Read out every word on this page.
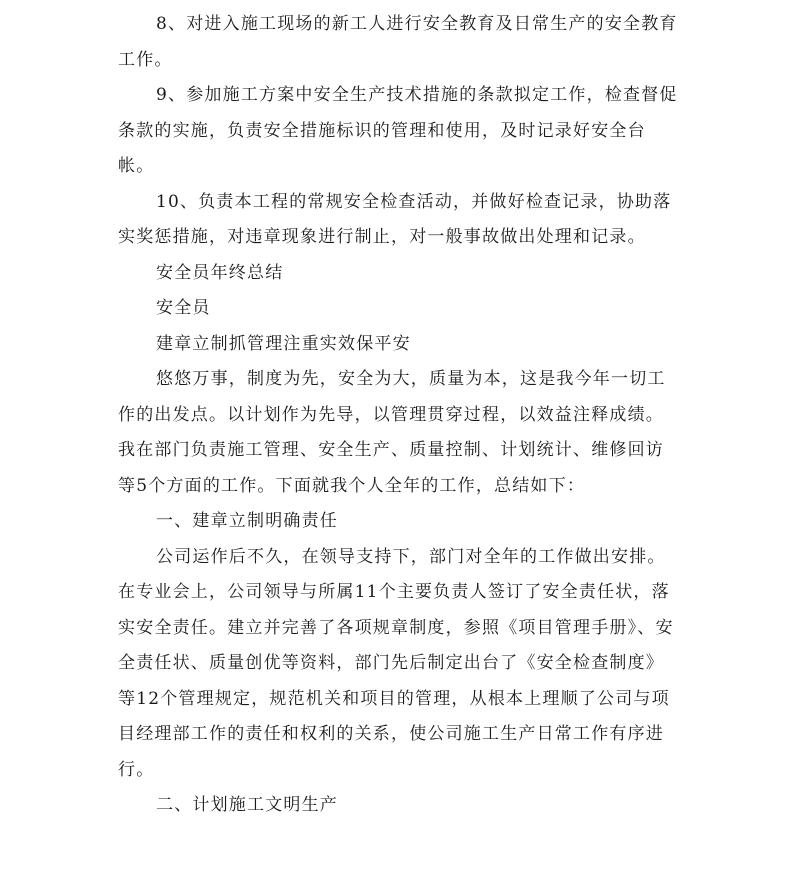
8、对进入施工现场的新工人进行安全教育及日常生产的安全教育工作。

9、参加施工方案中安全生产技术措施的条款拟定工作，检查督促条款的实施，负责安全措施标识的管理和使用，及时记录好安全台帐。

10、负责本工程的常规安全检查活动，并做好检查记录，协助落实奖惩措施，对违章现象进行制止，对一般事故做出处理和记录。

安全员年终总结

安全员

建章立制抓管理注重实效保平安

悠悠万事，制度为先，安全为大，质量为本，这是我今年一切工作的出发点。以计划作为先导，以管理贯穿过程，以效益注释成绩。我在部门负责施工管理、安全生产、质量控制、计划统计、维修回访等5个方面的工作。下面就我个人全年的工作，总结如下：

一、建章立制明确责任

公司运作后不久，在领导支持下，部门对全年的工作做出安排。在专业会上，公司领导与所属11个主要负责人签订了安全责任状，落实安全责任。建立并完善了各项规章制度，参照《项目管理手册》、安全责任状、质量创优等资料，部门先后制定出台了《安全检查制度》等12个管理规定，规范机关和项目的管理，从根本上理顺了公司与项目经理部工作的责任和权利的关系，使公司施工生产日常工作有序进行。

二、计划施工文明生产
